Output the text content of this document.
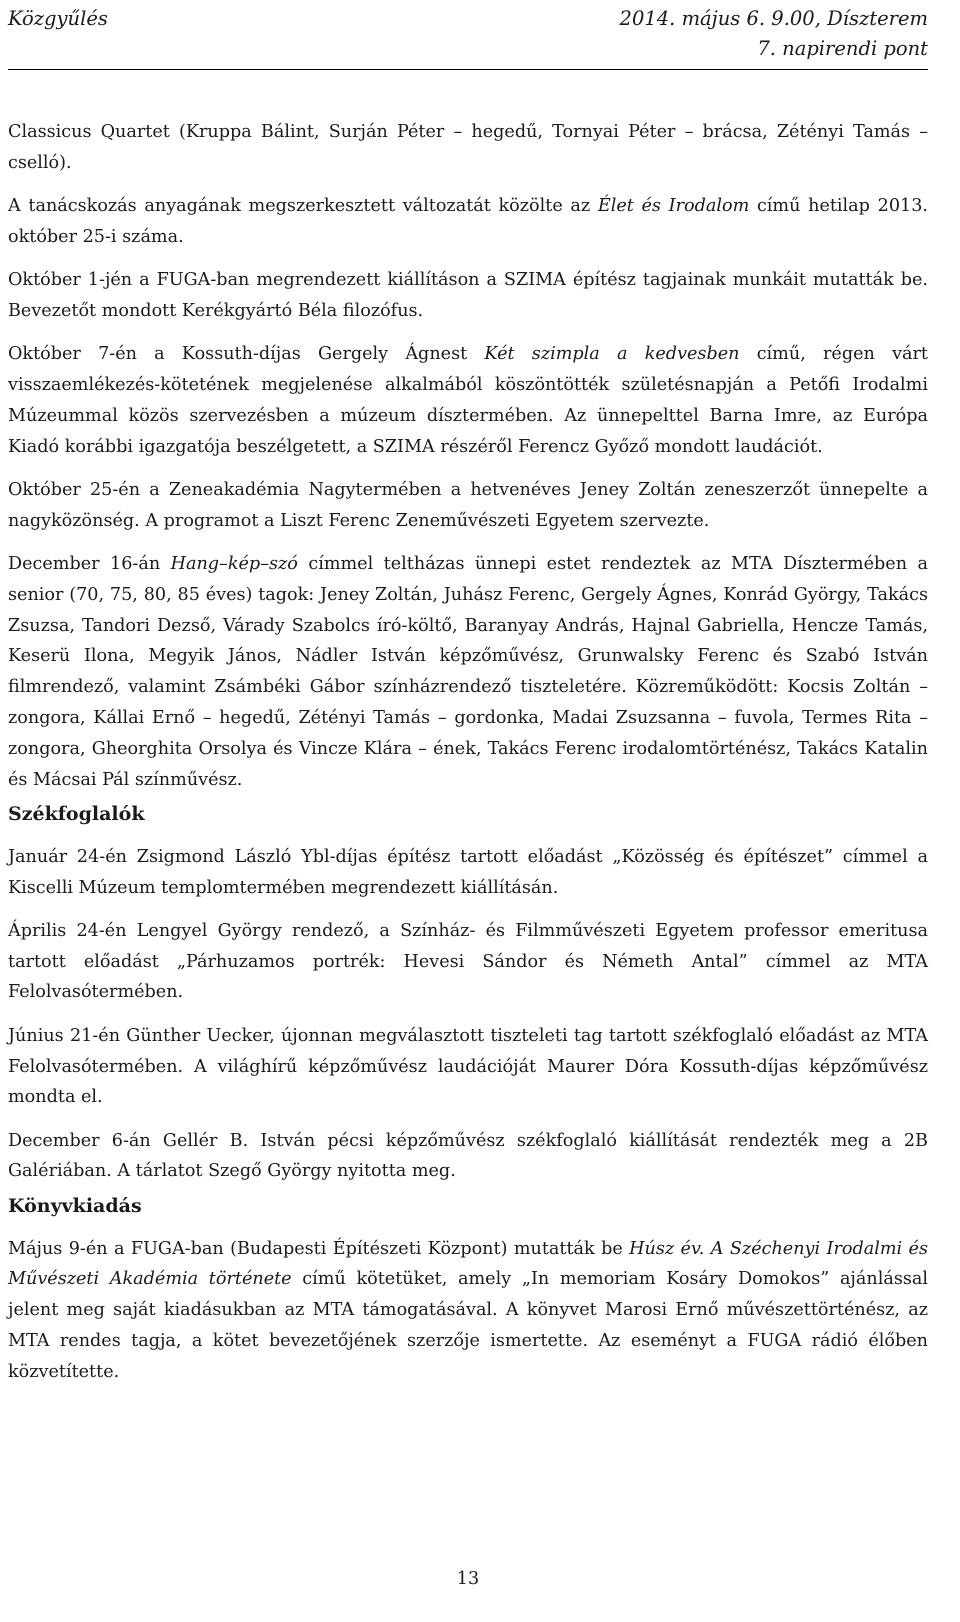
Közgyűlés	2014. május 6. 9.00, Díszterem
7. napirendi pont

Classicus Quartet (Kruppa Bálint, Surján Péter – hegedű, Tornyai Péter – brácsa, Zétényi Tamás – cselló).

A tanácskozás anyagának megszerkesztett változatát közölte az Élet és Irodalom című hetilap 2013. október 25-i száma.

Október 1-jén a FUGA-ban megrendezett kiállításon a SZIMA építész tagjainak munkáit mutatták be. Bevezetőt mondott Kerékgyártó Béla filozófus.

Október 7-én a Kossuth-díjas Gergely Ágnest Két szimpla a kedvesben című, régen várt visszaemlékezés-kötetének megjelenése alkalmából köszöntötték születésnapján a Petőfi Irodalmi Múzeummal közös szervezésben a múzeum dísztermében. Az ünnepelttel Barna Imre, az Európa Kiadó korábbi igazgatója beszélgetett, a SZIMA részéről Ferencz Győző mondott laudációt.

Október 25-én a Zeneakadémia Nagytermében a hetvenéves Jeney Zoltán zeneszerzőt ünnepelte a nagyközönség. A programot a Liszt Ferenc Zeneművészeti Egyetem szervezte.

December 16-án Hang–kép–szó címmel teltházas ünnepi estet rendeztek az MTA Dísztermében a senior (70, 75, 80, 85 éves) tagok: Jeney Zoltán, Juhász Ferenc, Gergely Ágnes, Konrád György, Takács Zsuzsa, Tandori Dezső, Várady Szabolcs író-költő, Baranyay András, Hajnal Gabriella, Hencze Tamás, Keserü Ilona, Megyik János, Nádler István képzőművész, Grunwalsky Ferenc és Szabó István filmrendező, valamint Zsámbéki Gábor színházrendező tiszteletére. Közreműködött: Kocsis Zoltán – zongora, Kállai Ernő – hegedű, Zétényi Tamás – gordonka, Madai Zsuzsanna – fuvola, Termes Rita – zongora, Gheorghita Orsolya és Vincze Klára – ének, Takács Ferenc irodalomtörténész, Takács Katalin és Mácsai Pál színművész.

Székfoglalók

Január 24-én Zsigmond László Ybl-díjas építész tartott előadást „Közösség és építészet” címmel a Kiscelli Múzeum templomtermében megrendezett kiállításán.

Április 24-én Lengyel György rendező, a Színház- és Filmművészeti Egyetem professor emeritusa tartott előadást „Párhuzamos portrék: Hevesi Sándor és Németh Antal” címmel az MTA Felolvasótermében.

Június 21-én Günther Uecker, újonnan megválasztott tiszteleti tag tartott székfoglaló előadást az MTA Felolvasótermében. A világhírű képzőművész laudációját Maurer Dóra Kossuth-díjas képzőművész mondta el.

December 6-án Gellér B. István pécsi képzőművész székfoglaló kiállítását rendezték meg a 2B Galériában. A tárlatot Szegő György nyitotta meg.

Könyvkiadás

Május 9-én a FUGA-ban (Budapesti Építészeti Központ) mutatták be Húsz év. A Széchenyi Irodalmi és Művészeti Akadémia története című kötetüket, amely „In memoriam Kosáry Domokos” ajánlással jelent meg saját kiadásukban az MTA támogatásával. A könyvet Marosi Ernő művészettörténész, az MTA rendes tagja, a kötet bevezetőjének szerzője ismertette. Az eseményt a FUGA rádió élőben közvetítette.

13
